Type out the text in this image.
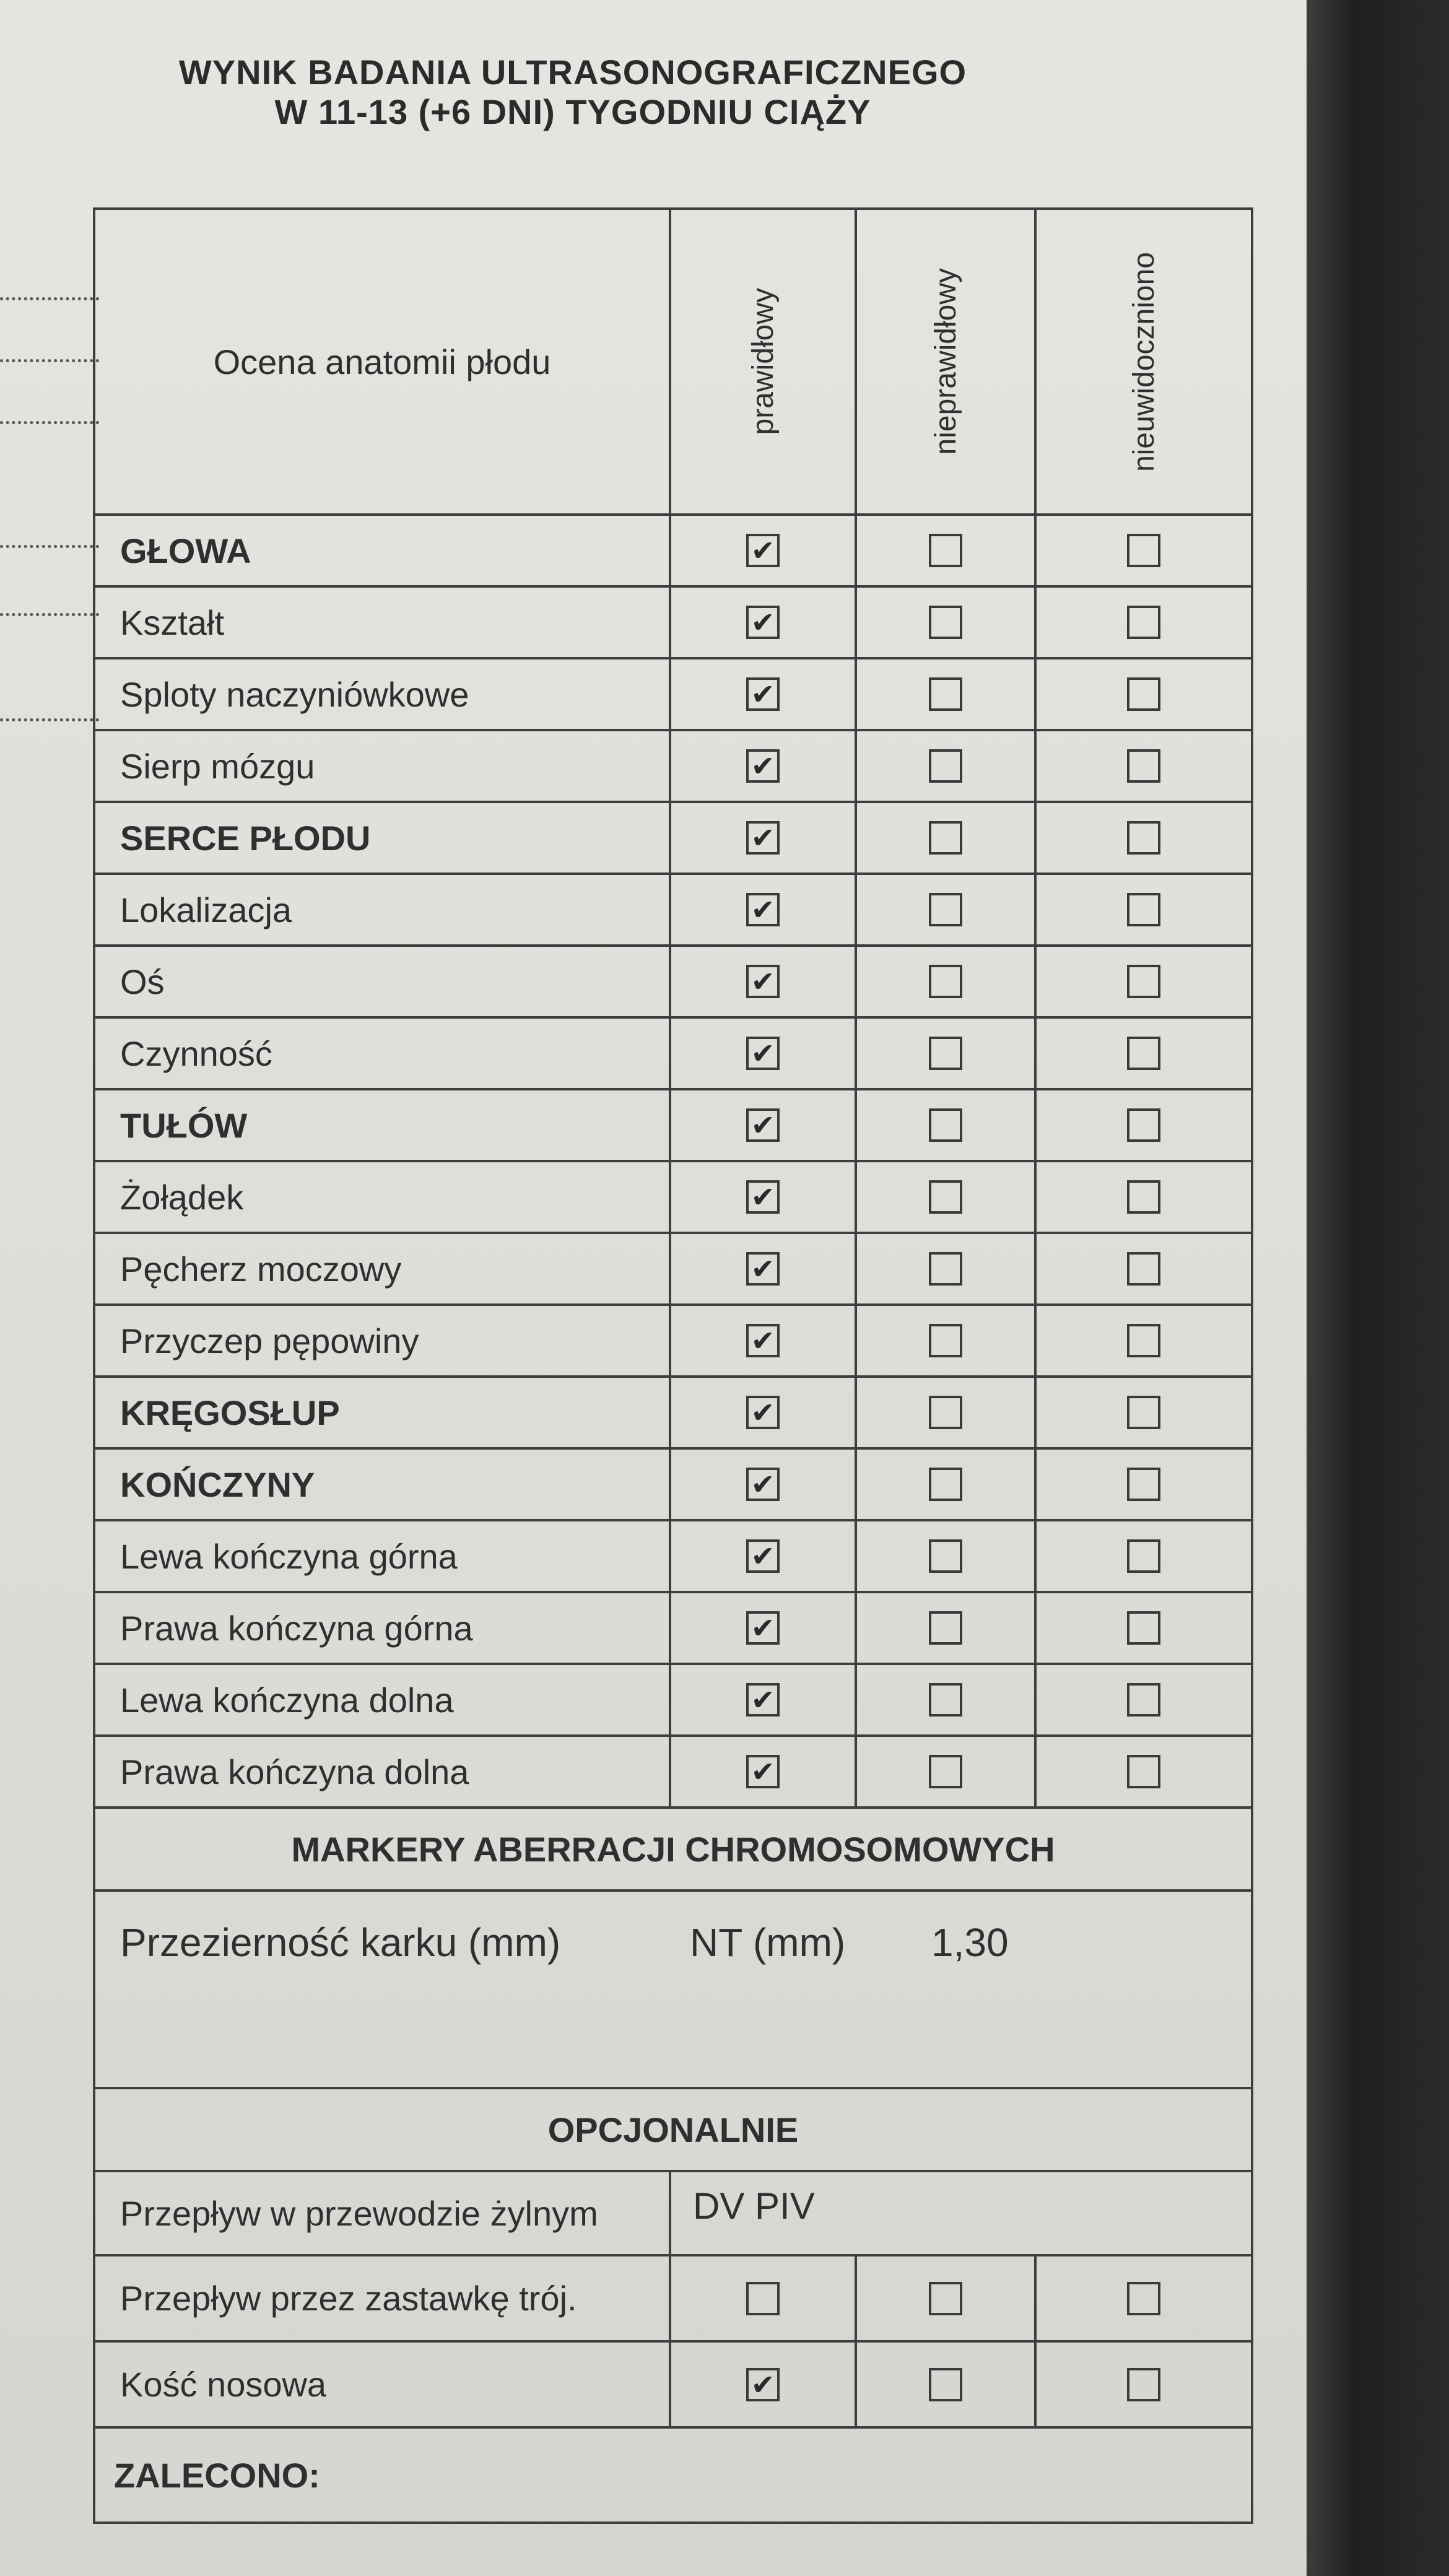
WYNIK BADANIA ULTRASONOGRAFICZNEGO
W 11-13 (+6 DNI) TYGODNIU CIĄŻY
Ocena anatomii płodu	prawidłowy	nieprawidłowy	nieuwidoczniono

GŁOWA	✔		

Kształt	✔		

Sploty naczyniówkowe	✔		

Sierp mózgu	✔		

SERCE PŁODU	✔		

Lokalizacja	✔		

Oś	✔		

Czynność	✔		

TUŁÓW	✔		

Żołądek	✔		

Pęcherz moczowy	✔		

Przyczep pępowiny	✔		

KRĘGOSŁUP	✔		

KOŃCZYNY	✔		

Lewa kończyna górna	✔		

Prawa kończyna górna	✔		

Lewa kończyna dolna	✔		

Prawa kończyna dolna	✔		

MARKERY ABERRACJI CHROMOSOMOWYCH			

Przezierność karku (mm) NT (mm) 1,30			

OPCJONALNIE			
Przepływ w przewodzie żylnym	DV PIV		
Przepływ przez zastawkę trój.	

Kość nosowa	✔		

ZALECONO:			
